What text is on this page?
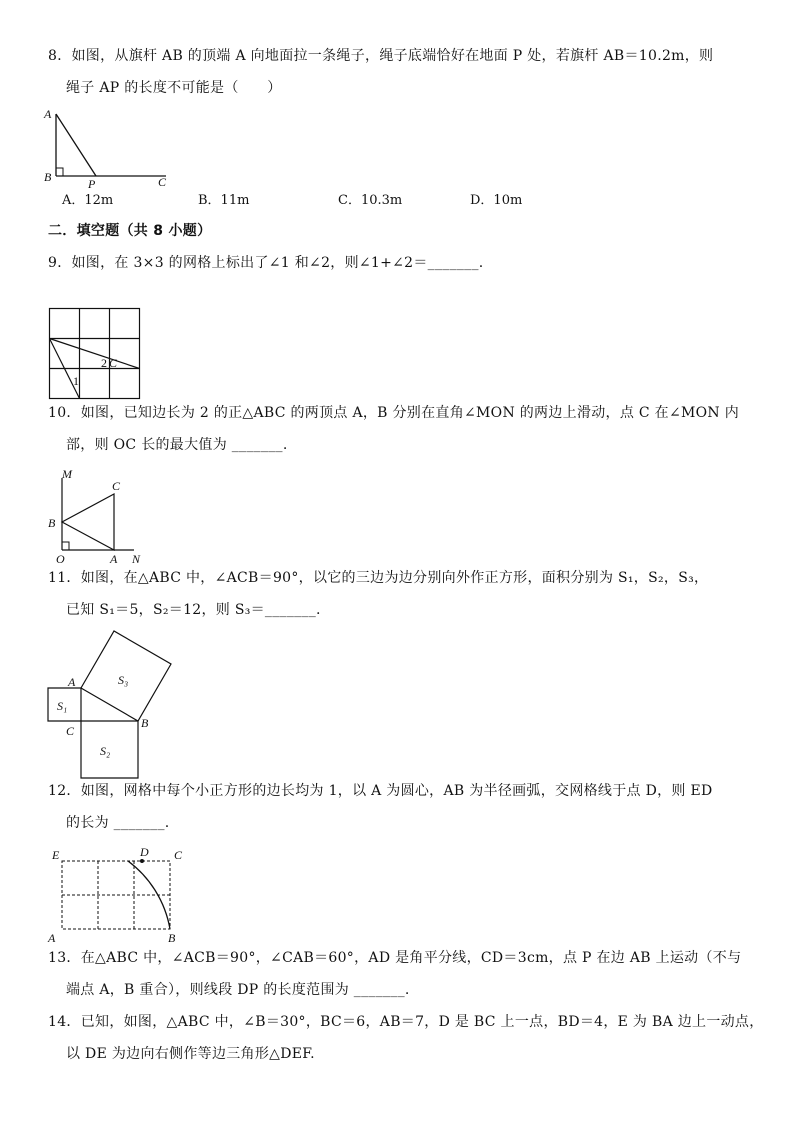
8．如图，从旗杆 AB 的顶端 A 向地面拉一条绳子，绳子底端恰好在地面 P 处，若旗杆 AB＝10.2m，则
绳子 AP 的长度不可能是（　　）
A
B	P	C
A．12m	B．11m	C．10.3m	D．10m
二．填空题（共 8 小题）
9．如图，在 3×3 的网格上标出了∠1 和∠2，则∠1+∠2＝_______.
1
2 C
10．如图，已知边长为 2 的正△ABC 的两顶点 A，B 分别在直角∠MON 的两边上滑动，点 C 在∠MON 内
部，则 OC 长的最大值为 _______.
M
C
B
O	A N
11．如图，在△ABC 中，∠ACB＝90°，以它的三边为边分别向外作正方形，面积分别为 S₁，S₂，S₃，
已知 S₁＝5，S₂＝12，则 S₃＝_______.
A
C
B
S₁
S₂
S₃
12．如图，网格中每个小正方形的边长均为 1，以 A 为圆心，AB 为半径画弧，交网格线于点 D，则 ED
的长为 _______.
E	D C
A	B
13．在△ABC 中，∠ACB＝90°，∠CAB＝60°，AD 是角平分线，CD＝3cm，点 P 在边 AB 上运动（不与
端点 A，B 重合），则线段 DP 的长度范围为 _______.
14．已知，如图，△ABC 中，∠B＝30°，BC＝6，AB＝7，D 是 BC 上一点，BD＝4，E 为 BA 边上一动点，
以 DE 为边向右侧作等边三角形△DEF.
